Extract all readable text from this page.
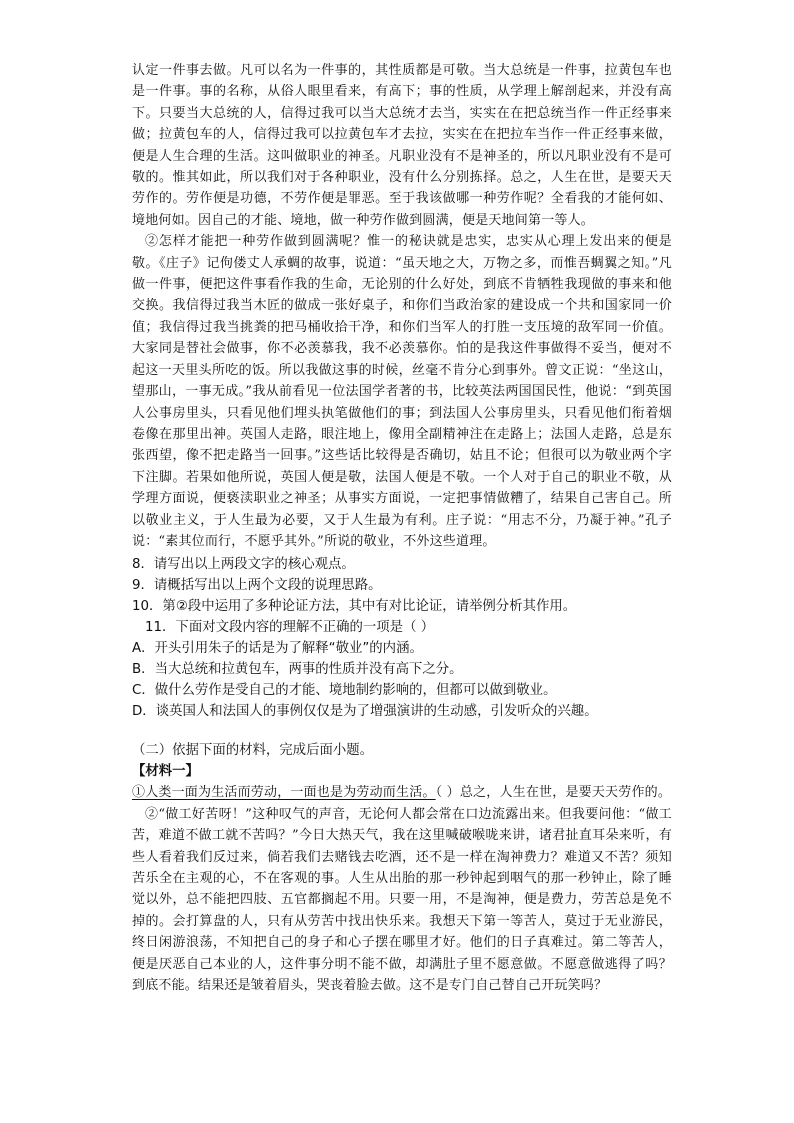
认定一件事去做。凡可以名为一件事的，其性质都是可敬。当大总统是一件事，拉黄包车也是一件事。事的名称，从俗人眼里看来，有高下；事的性质，从学理上解剖起来，并没有高下。只要当大总统的人，信得过我可以当大总统才去当，实实在在把总统当作一件正经事来做；拉黄包车的人，信得过我可以拉黄包车才去拉，实实在在把拉车当作一件正经事来做，便是人生合理的生活。这叫做职业的神圣。凡职业没有不是神圣的，所以凡职业没有不是可敬的。惟其如此，所以我们对于各种职业，没有什么分别拣择。总之，人生在世，是要天天劳作的。劳作便是功德，不劳作便是罪恶。至于我该做哪一种劳作呢？全看我的才能何如、境地何如。因自己的才能、境地，做一种劳作做到圆满，便是天地间第一等人。

②怎样才能把一种劳作做到圆满呢？惟一的秘诀就是忠实，忠实从心理上发出来的便是敬。《庄子》记佝偻丈人承蜩的故事，说道：“虽天地之大，万物之多，而惟吾蜩翼之知。”凡做一件事，便把这件事看作我的生命，无论别的什么好处，到底不肯牺牲我现做的事来和他交换。我信得过我当木匠的做成一张好桌子，和你们当政治家的建设成一个共和国家同一价值；我信得过我当挑粪的把马桶收拾干净，和你们当军人的打胜一支压境的敌军同一价值。大家同是替社会做事，你不必羡慕我，我不必羡慕你。怕的是我这件事做得不妥当，便对不起这一天里头所吃的饭。所以我做这事的时候，丝毫不肯分心到事外。曾文正说：“坐这山，望那山，一事无成。”我从前看见一位法国学者著的书，比较英法两国国民性，他说：“到英国人公事房里头，只看见他们埋头执笔做他们的事；到法国人公事房里头，只看见他们衔着烟卷像在那里出神。英国人走路，眼注地上，像用全副精神注在走路上；法国人走路，总是东张西望，像不把走路当一回事。”这些话比较得是否确切，姑且不论；但很可以为敬业两个字下注脚。若果如他所说，英国人便是敬，法国人便是不敬。一个人对于自己的职业不敬，从学理方面说，便亵渎职业之神圣；从事实方面说，一定把事情做糟了，结果自己害自己。所以敬业主义，于人生最为必要，又于人生最为有利。庄子说：“用志不分，乃凝于神。”孔子说：“素其位而行，不愿乎其外。”所说的敬业，不外这些道理。

8．请写出以上两段文字的核心观点。

9．请概括写出以上两个文段的说理思路。

10．第②段中运用了多种论证方法，其中有对比论证，请举例分析其作用。

11．下面对文段内容的理解不正确的一项是（ ）

A．开头引用朱子的话是为了解释“敬业”的内涵。

B．当大总统和拉黄包车，两事的性质并没有高下之分。

C．做什么劳作是受自己的才能、境地制约影响的，但都可以做到敬业。

D．谈英国人和法国人的事例仅仅是为了增强演讲的生动感，引发听众的兴趣。

（二）依据下面的材料，完成后面小题。

【材料一】

①人类一面为生活而劳动，一面也是为劳动而生活。（ ）总之，人生在世，是要天天劳作的。

②“做工好苦呀！”这种叹气的声音，无论何人都会常在口边流露出来。但我要问他：“做工苦，难道不做工就不苦吗？”今日大热天气，我在这里喊破喉咙来讲，诸君扯直耳朵来听，有些人看着我们反过来，倘若我们去赌钱去吃酒，还不是一样在淘神费力？难道又不苦？须知苦乐全在主观的心，不在客观的事。人生从出胎的那一秒钟起到咽气的那一秒钟止，除了睡觉以外，总不能把四肢、五官都搁起不用。只要一用，不是淘神，便是费力，劳苦总是免不掉的。会打算盘的人，只有从劳苦中找出快乐来。我想天下第一等苦人，莫过于无业游民，终日闲游浪荡，不知把自己的身子和心子摆在哪里才好。他们的日子真难过。第二等苦人，便是厌恶自己本业的人，这件事分明不能不做，却满肚子里不愿意做。不愿意做逃得了吗？到底不能。结果还是皱着眉头，哭丧着脸去做。这不是专门自己替自己开玩笑吗？
